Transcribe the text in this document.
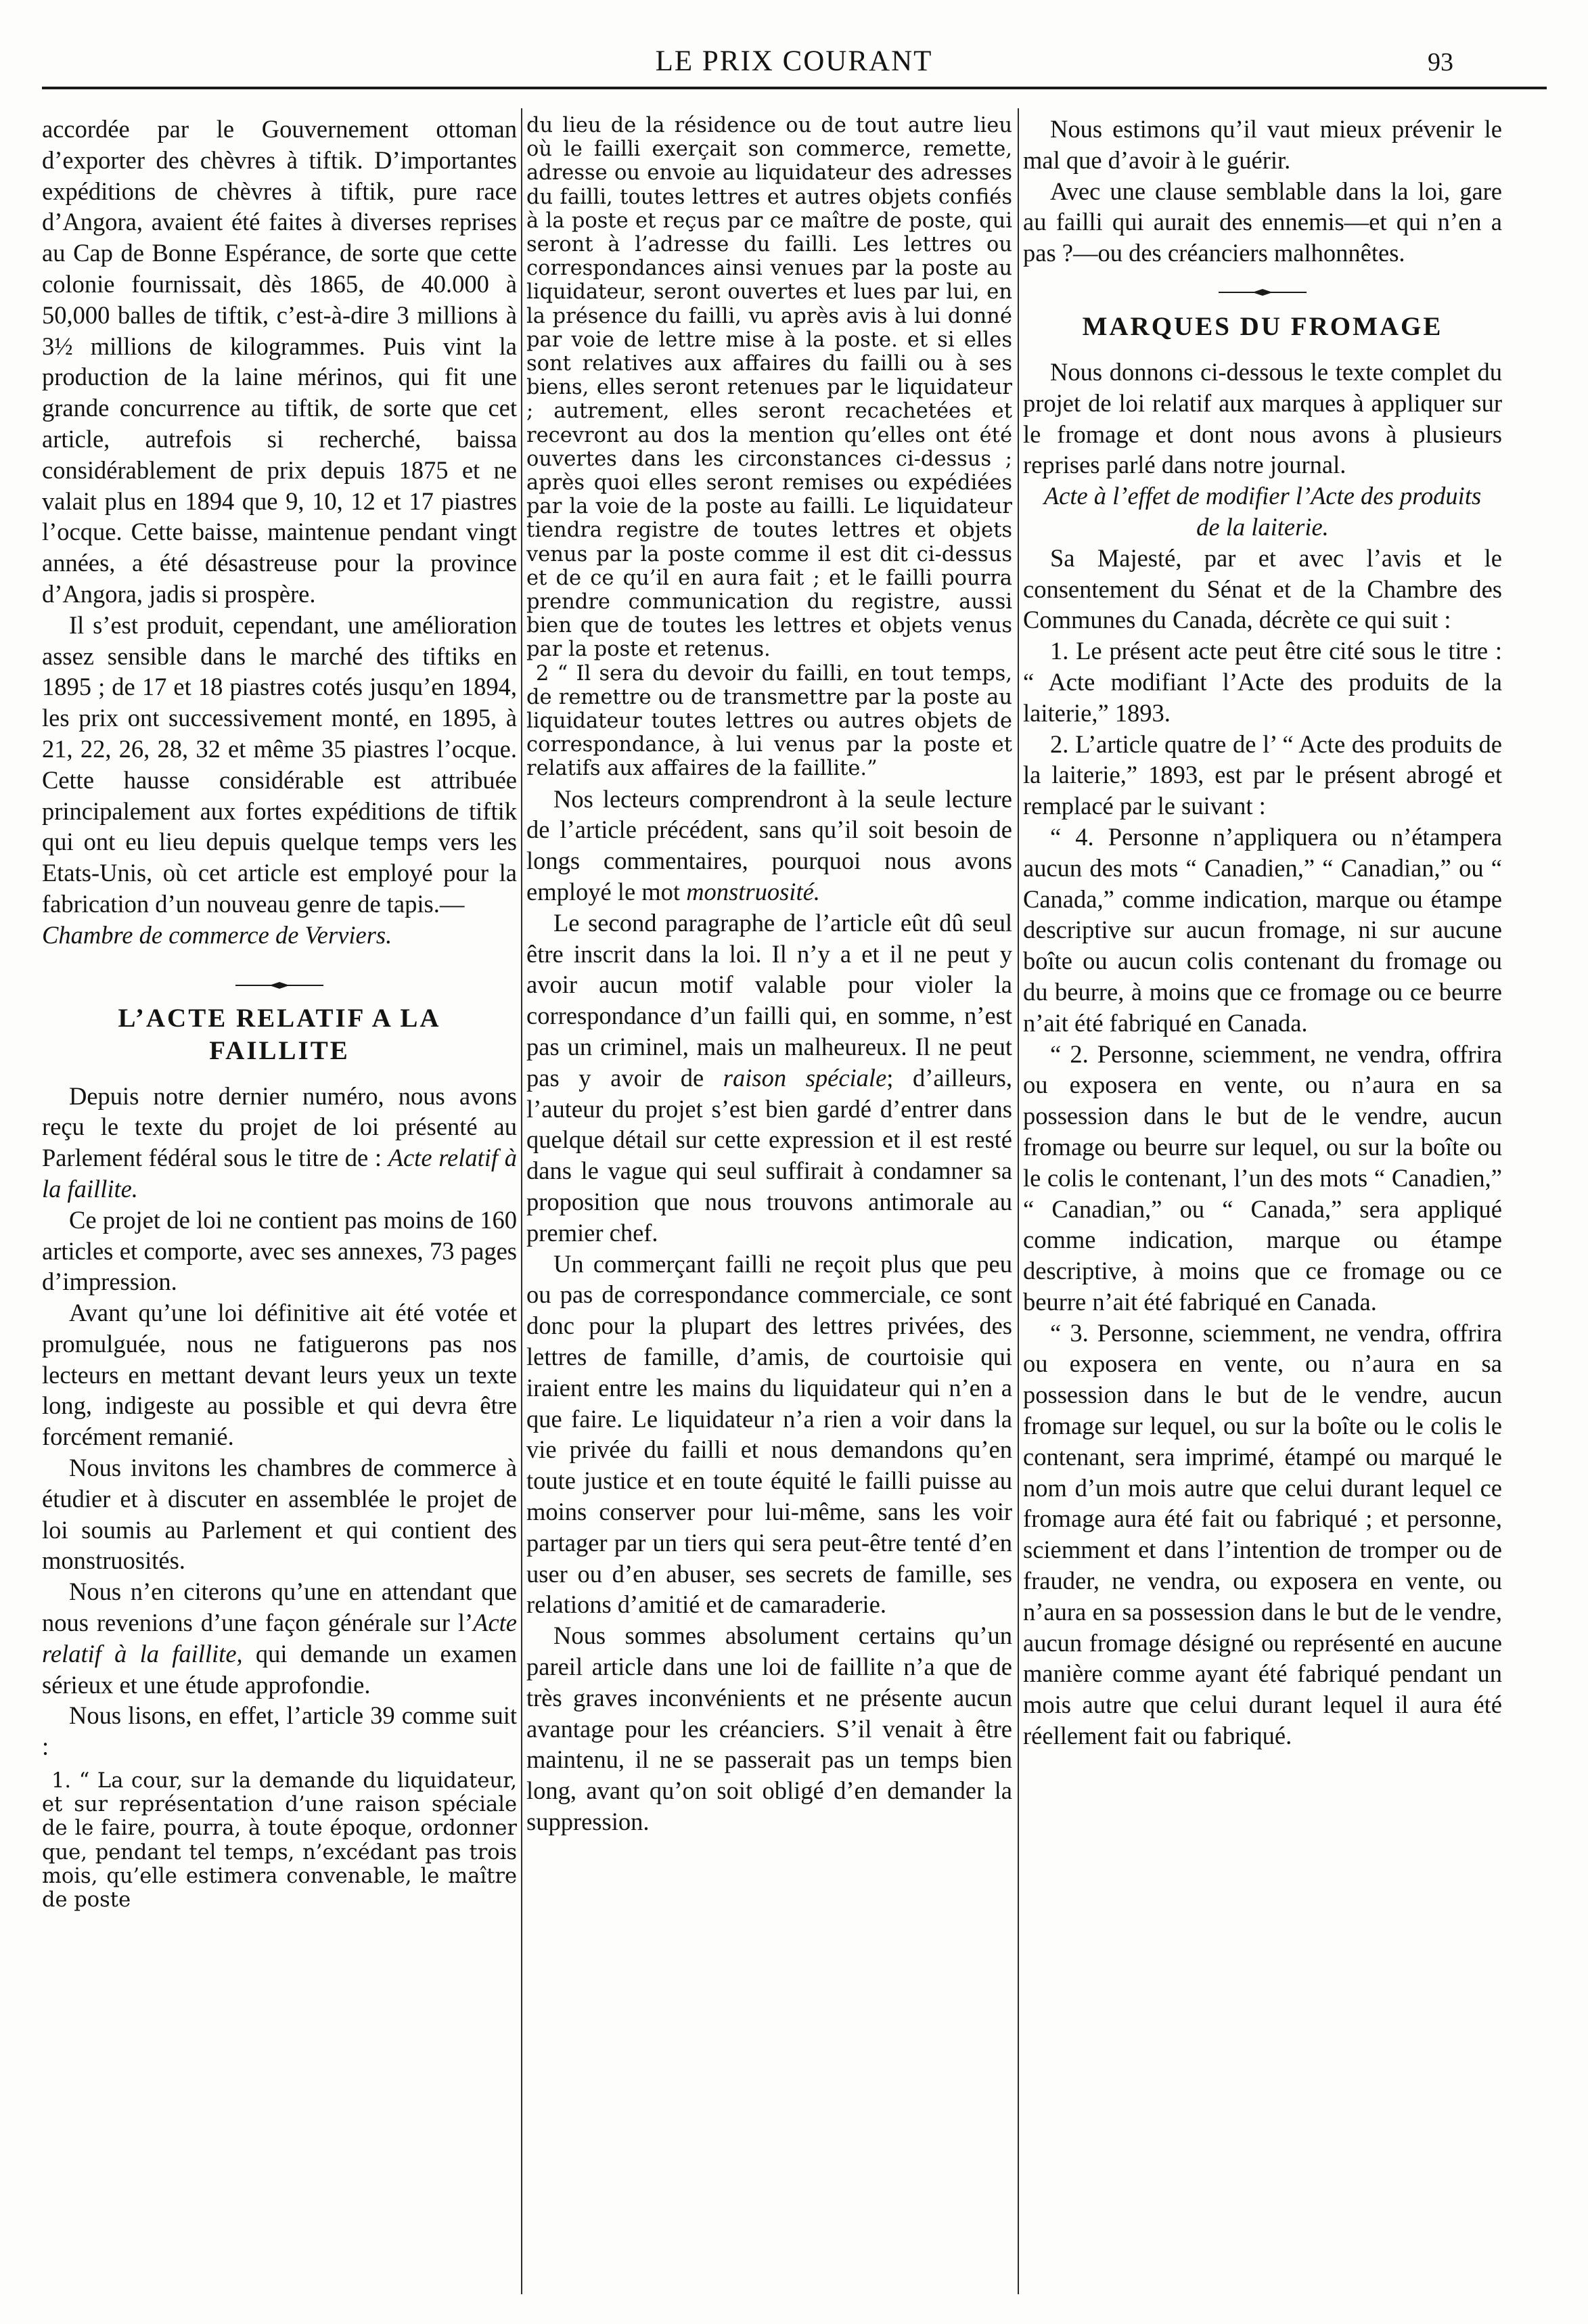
LE PRIX COURANT	93

accordée par le Gouvernement ottoman d’exporter des chèvres à tiftik. D’importantes expéditions de chèvres à tiftik, pure race d’Angora, avaient été faites à diverses reprises au Cap de Bonne Espérance, de sorte que cette colonie fournissait, dès 1865, de 40.000 à 50,000 balles de tiftik, c’est-à-dire 3 millions à 3½ millions de kilogrammes. Puis vint la production de la laine mérinos, qui fit une grande concurrence au tiftik, de sorte que cet article, autrefois si recherché, baissa considérablement de prix depuis 1875 et ne valait plus en 1894 que 9, 10, 12 et 17 piastres l’ocque. Cette baisse, maintenue pendant vingt années, a été désastreuse pour la province d’Angora, jadis si prospère.

Il s’est produit, cependant, une amélioration assez sensible dans le marché des tiftiks en 1895 ; de 17 et 18 piastres cotés jusqu’en 1894, les prix ont successivement monté, en 1895, à 21, 22, 26, 28, 32 et même 35 piastres l’ocque. Cette hausse considérable est attribuée principalement aux fortes expéditions de tiftik qui ont eu lieu depuis quelque temps vers les Etats-Unis, où cet article est employé pour la fabrication d’un nouveau genre de tapis.—

Chambre de commerce de Verviers.

L’ACTE RELATIF A LA FAILLITE

Depuis notre dernier numéro, nous avons reçu le texte du projet de loi présenté au Parlement fédéral sous le titre de : Acte relatif à la faillite.

Ce projet de loi ne contient pas moins de 160 articles et comporte, avec ses annexes, 73 pages d’impression.

Avant qu’une loi définitive ait été votée et promulguée, nous ne fatiguerons pas nos lecteurs en mettant devant leurs yeux un texte long, indigeste au possible et qui devra être forcément remanié.

Nous invitons les chambres de commerce à étudier et à discuter en assemblée le projet de loi soumis au Parlement et qui contient des monstruosités.

Nous n’en citerons qu’une en attendant que nous revenions d’une façon générale sur l’Acte relatif à la faillite, qui demande un examen sérieux et une étude approfondie.

Nous lisons, en effet, l’article 39 comme suit :

1. “ La cour, sur la demande du liquidateur, et sur représentation d’une raison spéciale de le faire, pourra, à toute époque, ordonner que, pendant tel temps, n’excédant pas trois mois, qu’elle estimera convenable, le maître de poste

du lieu de la résidence ou de tout autre lieu où le failli exerçait son commerce, remette, adresse ou envoie au liquidateur des adresses du failli, toutes lettres et autres objets confiés à la poste et reçus par ce maître de poste, qui seront à l’adresse du failli. Les lettres ou correspondances ainsi venues par la poste au liquidateur, seront ouvertes et lues par lui, en la présence du failli, vu après avis à lui donné par voie de lettre mise à la poste. et si elles sont relatives aux affaires du failli ou à ses biens, elles seront retenues par le liquidateur ; autrement, elles seront recachetées et recevront au dos la mention qu’elles ont été ouvertes dans les circonstances ci-dessus ; après quoi elles seront remises ou expédiées par la voie de la poste au failli. Le liquidateur tiendra registre de toutes lettres et objets venus par la poste comme il est dit ci-dessus et de ce qu’il en aura fait ; et le failli pourra prendre communication du registre, aussi bien que de toutes les lettres et objets venus par la poste et retenus.

2 “ Il sera du devoir du failli, en tout temps, de remettre ou de transmettre par la poste au liquidateur toutes lettres ou autres objets de correspondance, à lui venus par la poste et relatifs aux affaires de la faillite.”

Nos lecteurs comprendront à la seule lecture de l’article précédent, sans qu’il soit besoin de longs commentaires, pourquoi nous avons employé le mot monstruosité.

Le second paragraphe de l’article eût dû seul être inscrit dans la loi. Il n’y a et il ne peut y avoir aucun motif valable pour violer la correspondance d’un failli qui, en somme, n’est pas un criminel, mais un malheureux. Il ne peut pas y avoir de raison spéciale; d’ailleurs, l’auteur du projet s’est bien gardé d’entrer dans quelque détail sur cette expression et il est resté dans le vague qui seul suffirait à condamner sa proposition que nous trouvons antimorale au premier chef.

Un commerçant failli ne reçoit plus que peu ou pas de correspondance commerciale, ce sont donc pour la plupart des lettres privées, des lettres de famille, d’amis, de courtoisie qui iraient entre les mains du liquidateur qui n’en a que faire. Le liquidateur n’a rien a voir dans la vie privée du failli et nous demandons qu’en toute justice et en toute équité le failli puisse au moins conserver pour lui-même, sans les voir partager par un tiers qui sera peut-être tenté d’en user ou d’en abuser, ses secrets de famille, ses relations d’amitié et de camaraderie.

Nous sommes absolument certains qu’un pareil article dans une loi de faillite n’a que de très graves inconvénients et ne présente aucun avantage pour les créanciers. S’il venait à être maintenu, il ne se passerait pas un temps bien long, avant qu’on soit obligé d’en demander la suppression.

Nous estimons qu’il vaut mieux prévenir le mal que d’avoir à le guérir.

Avec une clause semblable dans la loi, gare au failli qui aurait des ennemis—et qui n’en a pas ?—ou des créanciers malhonnêtes.

MARQUES DU FROMAGE

Nous donnons ci-dessous le texte complet du projet de loi relatif aux marques à appliquer sur le fromage et dont nous avons à plusieurs reprises parlé dans notre journal.

Acte à l’effet de modifier l’Acte des produits de la laiterie.

Sa Majesté, par et avec l’avis et le consentement du Sénat et de la Chambre des Communes du Canada, décrète ce qui suit :

1. Le présent acte peut être cité sous le titre : “ Acte modifiant l’Acte des produits de la laiterie,” 1893.

2. L’article quatre de l’ “ Acte des produits de la laiterie,” 1893, est par le présent abrogé et remplacé par le suivant :

“ 4. Personne n’appliquera ou n’étampera aucun des mots “ Canadien,” “ Canadian,” ou “ Canada,” comme indication, marque ou étampe descriptive sur aucun fromage, ni sur aucune boîte ou aucun colis contenant du fromage ou du beurre, à moins que ce fromage ou ce beurre n’ait été fabriqué en Canada.

“ 2. Personne, sciemment, ne vendra, offrira ou exposera en vente, ou n’aura en sa possession dans le but de le vendre, aucun fromage ou beurre sur lequel, ou sur la boîte ou le colis le contenant, l’un des mots “ Canadien,” “ Canadian,” ou “ Canada,” sera appliqué comme indication, marque ou étampe descriptive, à moins que ce fromage ou ce beurre n’ait été fabriqué en Canada.

“ 3. Personne, sciemment, ne vendra, offrira ou exposera en vente, ou n’aura en sa possession dans le but de le vendre, aucun fromage sur lequel, ou sur la boîte ou le colis le contenant, sera imprimé, étampé ou marqué le nom d’un mois autre que celui durant lequel ce fromage aura été fait ou fabriqué ; et personne, sciemment et dans l’intention de tromper ou de frauder, ne vendra, ou exposera en vente, ou n’aura en sa possession dans le but de le vendre, aucun fromage désigné ou représenté en aucune manière comme ayant été fabriqué pendant un mois autre que celui durant lequel il aura été réellement fait ou fabriqué.
